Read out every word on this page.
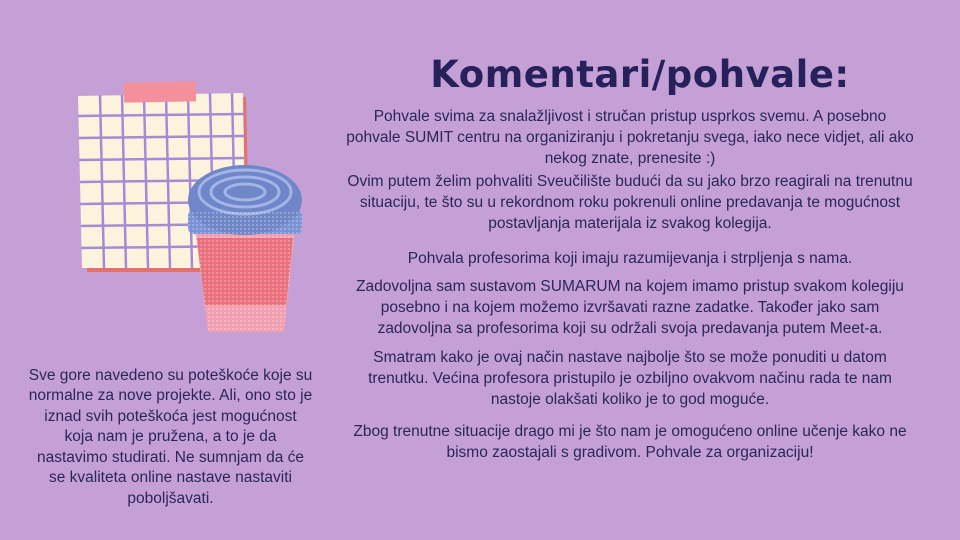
Komentari/pohvale:

Pohvale svima za snalažljivost i stručan pristup usprkos svemu. A posebno pohvale SUMIT centru na organiziranju i pokretanju svega, iako nece vidjet, ali ako nekog znate, prenesite :)

Ovim putem želim pohvaliti Sveučilište budući da su jako brzo reagirali na trenutnu situaciju, te što su u rekordnom roku pokrenuli online predavanja te mogućnost postavljanja materijala iz svakog kolegija.

Pohvala profesorima koji imaju razumijevanja i strpljenja s nama.

Zadovoljna sam sustavom SUMARUM na kojem imamo pristup svakom kolegiju posebno i na kojem možemo izvršavati razne zadatke. Također jako sam zadovoljna sa profesorima koji su održali svoja predavanja putem Meet-a.

Smatram kako je ovaj način nastave najbolje što se može ponuditi u datom trenutku. Većina profesora pristupilo je ozbiljno ovakvom načinu rada te nam nastoje olakšati koliko je to god moguće.

Zbog trenutne situacije drago mi je što nam je omogućeno online učenje kako ne bismo zaostajali s gradivom. Pohvale za organizaciju!

Sve gore navedeno su poteškoće koje su normalne za nove projekte. Ali, ono sto je iznad svih poteškoća jest mogućnost koja nam je pružena, a to je da nastavimo studirati. Ne sumnjam da će se kvaliteta online nastave nastaviti poboljšavati.
